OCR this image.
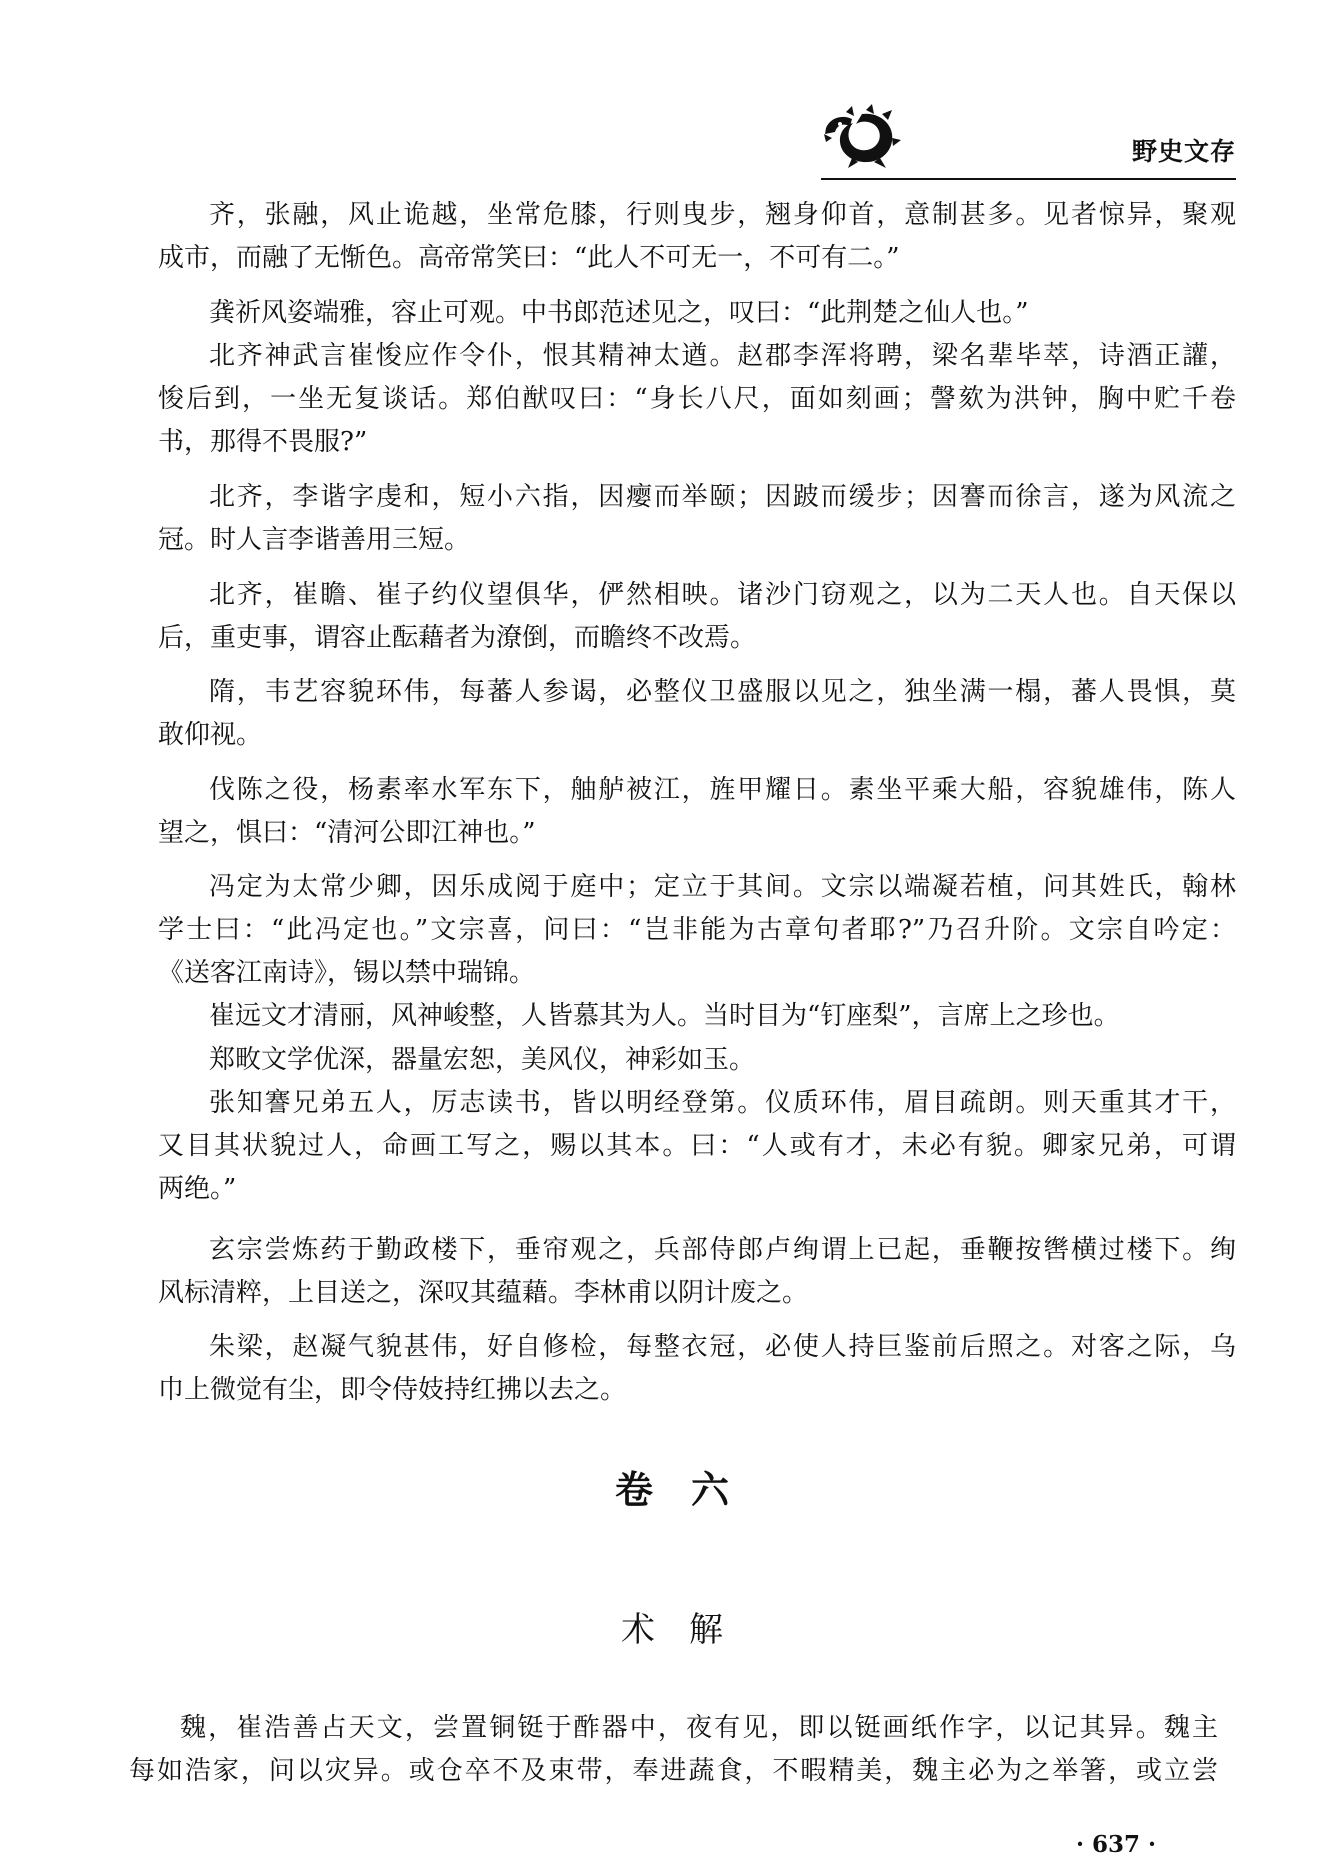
野史文存
齐，张融，风止诡越，坐常危膝，行则曳步，翘身仰首，意制甚多。见者惊异，聚观
成市，而融了无惭色。高帝常笑曰：“此人不可无一，不可有二。”
龚祈风姿端雅，容止可观。中书郎范述见之，叹曰：“此荆楚之仙人也。”
北齐神武言崔悛应作令仆，恨其精神太遒。赵郡李浑将聘，梁名辈毕萃，诗酒正讙，
悛后到，一坐无复谈话。郑伯猷叹曰：“身长八尺，面如刻画；謦欬为洪钟，胸中贮千卷
书，那得不畏服?”
北齐，李谐字虔和，短小六指，因瘿而举颐；因跛而缓步；因謇而徐言，遂为风流之
冠。时人言李谐善用三短。
北齐，崔瞻、崔子约仪望俱华，俨然相映。诸沙门窃观之，以为二天人也。自天保以
后，重吏事，谓容止酝藉者为潦倒，而瞻终不改焉。
隋，韦艺容貌环伟，每蕃人参谒，必整仪卫盛服以见之，独坐满一榻，蕃人畏惧，莫
敢仰视。
伐陈之役，杨素率水军东下，舳舻被江，旌甲耀日。素坐平乘大船，容貌雄伟，陈人
望之，惧曰：“清河公即江神也。”
冯定为太常少卿，因乐成阅于庭中；定立于其间。文宗以端凝若植，问其姓氏，翰林
学士曰：“此冯定也。”文宗喜，问曰：“岂非能为古章句者耶?”乃召升阶。文宗自吟定：
《送客江南诗》，锡以禁中瑞锦。
崔远文才清丽，风神峻整，人皆慕其为人。当时目为“钉座梨”，言席上之珍也。
郑畋文学优深，器量宏恕，美风仪，神彩如玉。
张知謇兄弟五人，厉志读书，皆以明经登第。仪质环伟，眉目疏朗。则天重其才干，
又目其状貌过人，命画工写之，赐以其本。曰：“人或有才，未必有貌。卿家兄弟，可谓
两绝。”
玄宗尝炼药于勤政楼下，垂帘观之，兵部侍郎卢绚谓上已起，垂鞭按辔横过楼下。绚
风标清粹，上目送之，深叹其蕴藉。李林甫以阴计废之。
朱梁，赵凝气貌甚伟，好自修检，每整衣冠，必使人持巨鉴前后照之。对客之际，乌
巾上微觉有尘，即令侍妓持红拂以去之。
卷　六
术　解
魏，崔浩善占天文，尝置铜铤于酢器中，夜有见，即以铤画纸作字，以记其异。魏主
每如浩家，问以灾异。或仓卒不及束带，奉进蔬食，不暇精美，魏主必为之举箸，或立尝
· 637 ·
